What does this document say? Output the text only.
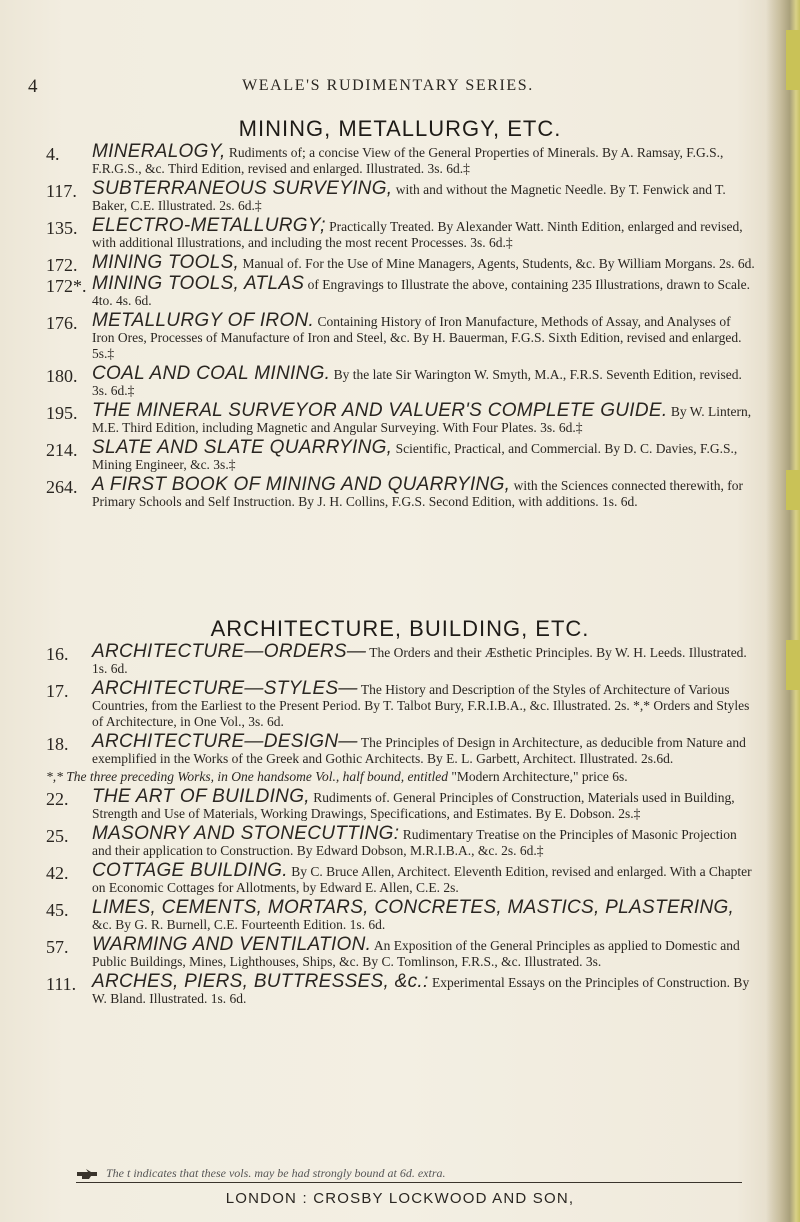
4	WEALE'S RUDIMENTARY SERIES.
MINING, METALLURGY, ETC.
4.	MINERALOGY, Rudiments of; a concise View of the General Properties of Minerals. By A. Ramsay, F.G.S., F.R.G.S., &c. Third Edition, revised and enlarged. Illustrated. 3s. 6d.‡
117. SUBTERRANEOUS SURVEYING, with and without the Magnetic Needle. By T. Fenwick and T. Baker, C.E. Illustrated. 2s. 6d.‡
135. ELECTRO-METALLURGY; Practically Treated. By Alexander Watt. Ninth Edition, enlarged and revised, with additional Illustrations, and including the most recent Processes. 3s. 6d.‡
172. MINING TOOLS, Manual of. For the Use of Mine Managers, Agents, Students, &c. By William Morgans. 2s. 6d.
172*. MINING TOOLS, ATLAS of Engravings to Illustrate the above, containing 235 Illustrations, drawn to Scale. 4to. 4s. 6d.
176. METALLURGY OF IRON. Containing History of Iron Manufacture, Methods of Assay, and Analyses of Iron Ores, Processes of Manufacture of Iron and Steel, &c. By H. Bauerman, F.G.S. Sixth Edition, revised and enlarged. 5s.‡
180. COAL AND COAL MINING. By the late Sir Warington W. Smyth, M.A., F.R.S. Seventh Edition, revised. 3s. 6d.‡
195. THE MINERAL SURVEYOR AND VALUER'S COMPLETE GUIDE. By W. Lintern, M.E. Third Edition, including Magnetic and Angular Surveying. With Four Plates. 3s. 6d.‡
214. SLATE AND SLATE QUARRYING, Scientific, Practical, and Commercial. By D. C. Davies, F.G.S., Mining Engineer, &c. 3s.‡
264. A FIRST BOOK OF MINING AND QUARRYING, with the Sciences connected therewith, for Primary Schools and Self Instruction. By J. H. Collins, F.G.S. Second Edition, with additions. 1s. 6d.
ARCHITECTURE, BUILDING, ETC.
16.	ARCHITECTURE—ORDERS— The Orders and their Æsthetic Principles. By W. H. Leeds. Illustrated. 1s. 6d.
17.	ARCHITECTURE—STYLES— The History and Description of the Styles of Architecture of Various Countries, from the Earliest to the Present Period. By T. Talbot Bury, F.R.I.B.A., &c. Illustrated. 2s. *,* Orders and Styles of Architecture, in One Vol., 3s. 6d.
18.	ARCHITECTURE—DESIGN— The Principles of Design in Architecture, as deducible from Nature and exemplified in the Works of the Greek and Gothic Architects. By E. L. Garbett, Architect. Illustrated. 2s.6d.
*,* The three preceding Works, in One handsome Vol., half bound, entitled "Modern Architecture," price 6s.
22.	THE ART OF BUILDING, Rudiments of. General Principles of Construction, Materials used in Building, Strength and Use of Materials, Working Drawings, Specifications, and Estimates. By E. Dobson. 2s.‡
25.	MASONRY AND STONECUTTING: Rudimentary Treatise on the Principles of Masonic Projection and their application to Construction. By Edward Dobson, M.R.I.B.A., &c. 2s. 6d.‡
42.	COTTAGE BUILDING. By C. Bruce Allen, Architect. Eleventh Edition, revised and enlarged. With a Chapter on Economic Cottages for Allotments, by Edward E. Allen, C.E. 2s.
45.	LIMES, CEMENTS, MORTARS, CONCRETES, MASTICS, PLASTERING, &c. By G. R. Burnell, C.E. Fourteenth Edition. 1s. 6d.
57.	WARMING AND VENTILATION. An Exposition of the General Principles as applied to Domestic and Public Buildings, Mines, Lighthouses, Ships, &c. By C. Tomlinson, F.R.S., &c. Illustrated. 3s.
111. ARCHES, PIERS, BUTTRESSES, &c.: Experimental Essays on the Principles of Construction. By W. Bland. Illustrated. 1s. 6d.
The t indicates that these vols. may be had strongly bound at 6d. extra.
LONDON : CROSBY LOCKWOOD AND SON,
